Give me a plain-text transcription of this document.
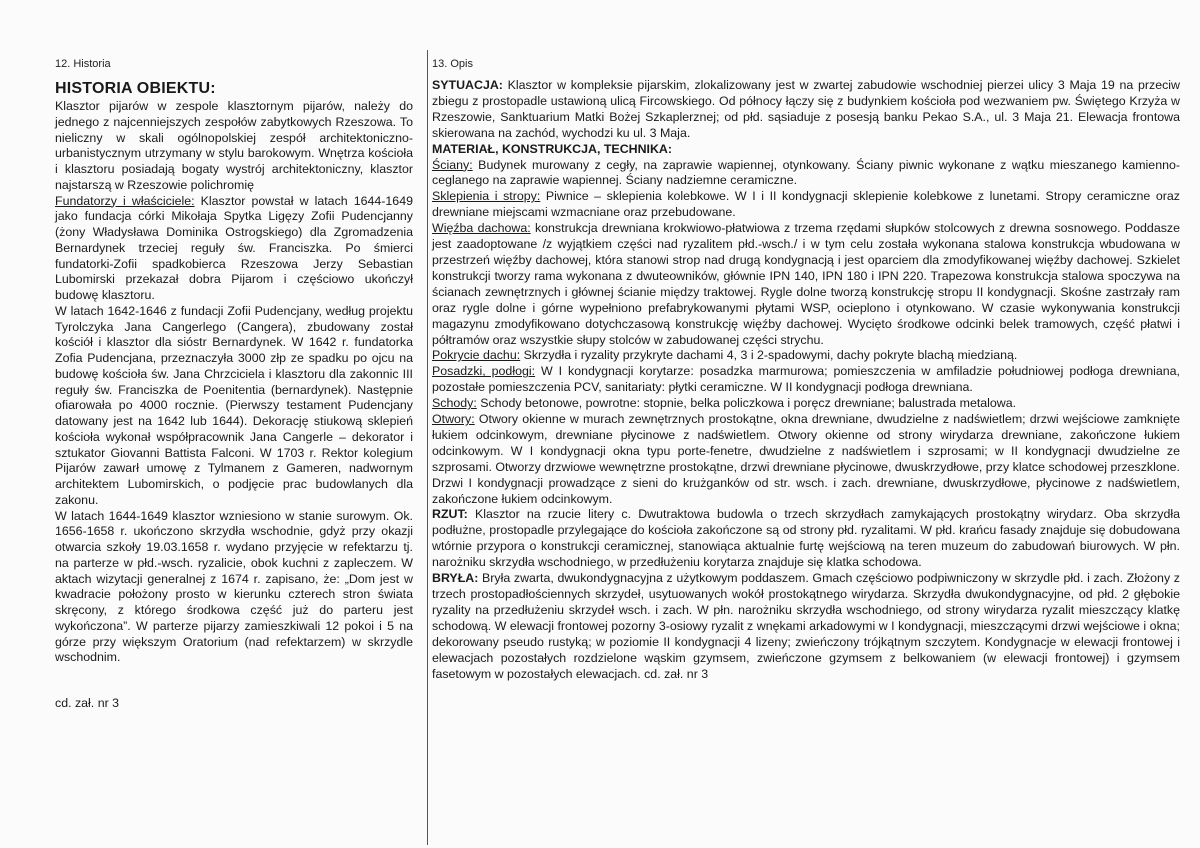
12. Historia
HISTORIA OBIEKTU:

Klasztor pijarów w zespole klasztornym pijarów, należy do jednego z najcenniejszych zespołów zabytkowych Rzeszowa. To nieliczny w skali ogólnopolskiej zespół architektoniczno-urbanistycznym utrzymany w stylu barokowym. Wnętrza kościoła i klasztoru posiadają bogaty wystrój architektoniczny, klasztor najstarszą w Rzeszowie polichromię

Fundatorzy i właściciele: Klasztor powstał w latach 1644-1649 jako fundacja córki Mikołaja Spytka Ligęzy Zofii Pudencjanny (żony Władysława Dominika Ostrogskiego) dla Zgromadzenia Bernardynek trzeciej reguły św. Franciszka. Po śmierci fundatorki-Zofii spadkobierca Rzeszowa Jerzy Sebastian Lubomirski przekazał dobra Pijarom i częściowo ukończył budowę klasztoru.

W latach 1642-1646 z fundacji Zofii Pudencjany, według projektu Tyrolczyka Jana Cangerlego (Cangera), zbudowany został kościół i klasztor dla sióstr Bernardynek. W 1642 r. fundatorka Zofia Pudencjana, przeznaczyła 3000 złp ze spadku po ojcu na budowę kościoła św. Jana Chrzciciela i klasztoru dla zakonnic III reguły św. Franciszka de Poenitentia (bernardynek). Następnie ofiarowała po 4000 rocznie. (Pierwszy testament Pudencjany datowany jest na 1642 lub 1644). Dekorację stiukową sklepień kościoła wykonał współpracownik Jana Cangerle – dekorator i sztukator Giovanni Battista Falconi. W 1703 r. Rektor kolegium Pijarów zawarł umowę z Tylmanem z Gameren, nadwornym architektem Lubomirskich, o podjęcie prac budowlanych dla zakonu.

W latach 1644-1649 klasztor wzniesiono w stanie surowym. Ok. 1656-1658 r. ukończono skrzydła wschodnie, gdyż przy okazji otwarcia szkoły 19.03.1658 r. wydano przyjęcie w refektarzu tj. na parterze w płd.-wsch. ryzalicie, obok kuchni z zapleczem. W aktach wizytacji generalnej z 1674 r. zapisano, że: „Dom jest w kwadracie położony prosto w kierunku czterech stron świata skręcony, z którego środkowa część już do parteru jest wykończona”. W parterze pijarzy zamieszkiwali 12 pokoi i 5 na górze przy większym Oratorium (nad refektarzem) w skrzydle wschodnim.

cd. zał. nr 3

13. Opis

SYTUACJA: Klasztor w kompleksie pijarskim, zlokalizowany jest w zwartej zabudowie wschodniej pierzei ulicy 3 Maja 19 na przeciw zbiegu z prostopadle ustawioną ulicą Fircowskiego. Od północy łączy się z budynkiem kościoła pod wezwaniem pw. Świętego Krzyża w Rzeszowie, Sanktuarium Matki Bożej Szkaplerznej; od płd. sąsiaduje z posesją banku Pekao S.A., ul. 3 Maja 21. Elewacja frontowa skierowana na zachód, wychodzi ku ul. 3 Maja.

MATERIAŁ, KONSTRUKCJA, TECHNIKA:

Ściany: Budynek murowany z cegły, na zaprawie wapiennej, otynkowany. Ściany piwnic wykonane z wątku mieszanego kamienno-ceglanego na zaprawie wapiennej. Ściany nadziemne ceramiczne.

Sklepienia i stropy: Piwnice – sklepienia kolebkowe. W I i II kondygnacji sklepienie kolebkowe z lunetami. Stropy ceramiczne oraz drewniane miejscami wzmacniane oraz przebudowane.

Więźba dachowa: konstrukcja drewniana krokwiowo-płatwiowa z trzema rzędami słupków stolcowych z drewna sosnowego. Poddasze jest zaadoptowane /z wyjątkiem części nad ryzalitem płd.-wsch./ i w tym celu została wykonana stalowa konstrukcja wbudowana w przestrzeń więźby dachowej, która stanowi strop nad drugą kondygnacją i jest oparciem dla zmodyfikowanej więźby dachowej. Szkielet konstrukcji tworzy rama wykonana z dwuteowników, głównie IPN 140, IPN 180 i IPN 220. Trapezowa konstrukcja stalowa spoczywa na ścianach zewnętrznych i głównej ścianie między traktowej. Rygle dolne tworzą konstrukcję stropu II kondygnacji. Skośne zastrzały ram oraz rygle dolne i górne wypełniono prefabrykowanymi płytami WSP, ocieplono i otynkowano. W czasie wykonywania konstrukcji magazynu zmodyfikowano dotychczasową konstrukcję więźby dachowej. Wycięto środkowe odcinki belek tramowych, część płatwi i półtramów oraz wszystkie słupy stolców w zabudowanej części strychu.

Pokrycie dachu: Skrzydła i ryzality przykryte dachami 4, 3 i 2-spadowymi, dachy pokryte blachą miedzianą.

Posadzki, podłogi: W I kondygnacji korytarze: posadzka marmurowa; pomieszczenia w amfiladzie południowej podłoga drewniana, pozostałe pomieszczenia PCV, sanitariaty: płytki ceramiczne. W II kondygnacji podłoga drewniana.

Schody: Schody betonowe, powrotne: stopnie, belka policzkowa i poręcz drewniane; balustrada metalowa.

Otwory: Otwory okienne w murach zewnętrznych prostokątne, okna drewniane, dwudzielne z nadświetlem; drzwi wejściowe zamknięte łukiem odcinkowym, drewniane płycinowe z nadświetlem. Otwory okienne od strony wirydarza drewniane, zakończone łukiem odcinkowym. W I kondygnacji okna typu porte-fenetre, dwudzielne z nadświetlem i szprosami; w II kondygnacji dwudzielne ze szprosami. Otworzy drzwiowe wewnętrzne prostokątne, drzwi drewniane płycinowe, dwuskrzydłowe, przy klatce schodowej przeszklone. Drzwi I kondygnacji prowadzące z sieni do krużganków od str. wsch. i zach. drewniane, dwuskrzydłowe, płycinowe z nadświetlem, zakończone łukiem odcinkowym.

RZUT: Klasztor na rzucie litery c. Dwutraktowa budowla o trzech skrzydłach zamykających prostokątny wirydarz. Oba skrzydła podłużne, prostopadle przylegające do kościoła zakończone są od strony płd. ryzalitami. W płd. krańcu fasady znajduje się dobudowana wtórnie przypora o konstrukcji ceramicznej, stanowiąca aktualnie furtę wejściową na teren muzeum do zabudowań biurowych. W płn. narożniku skrzydła wschodniego, w przedłużeniu korytarza znajduje się klatka schodowa.

BRYŁA: Bryła zwarta, dwukondygnacyjna z użytkowym poddaszem. Gmach częściowo podpiwniczony w skrzydle płd. i zach. Złożony z trzech prostopadłościennych skrzydeł, usytuowanych wokół prostokątnego wirydarza. Skrzydła dwukondygnacyjne, od płd. 2 głębokie ryzality na przedłużeniu skrzydeł wsch. i zach. W płn. narożniku skrzydła wschodniego, od strony wirydarza ryzalit mieszczący klatkę schodową. W elewacji frontowej pozorny 3-osiowy ryzalit z wnękami arkadowymi w I kondygnacji, mieszczącymi drzwi wejściowe i okna; dekorowany pseudo rustyką; w poziomie II kondygnacji 4 lizeny; zwieńczony trójkątnym szczytem. Kondygnacje w elewacji frontowej i elewacjach pozostałych rozdzielone wąskim gzymsem, zwieńczone gzymsem z belkowaniem (w elewacji frontowej) i gzymsem fasetowym w pozostałych elewacjach. cd. zał. nr 3
